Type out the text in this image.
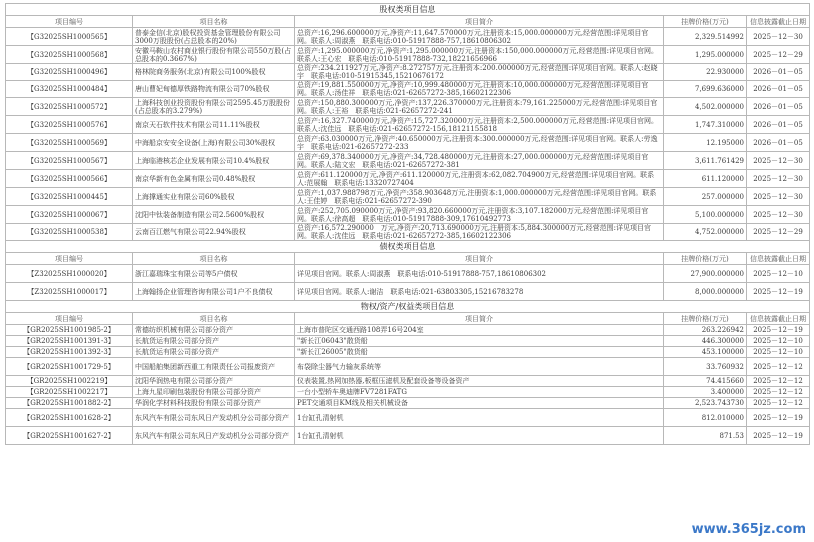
股权类项目信息				
项目编号	项目名称	项目简介	挂牌价格(万元)	信息披露截止日期
【G32025SH1000565】	普泰金信(北京)股权投资基金管理股份有限公司3000万股股份(占总股本的20%)	总资产:16,296.600000万元,净资产:11,647.570000万元,注册资本:15,000.000000万元,经营范围:详见项目官网。联系人:周淑燕　联系电话:010-51917888-757,18610806302	2,329.514992	2025－12－30
【G32025SH1000568】	安徽马鞍山农村商业银行股份有限公司550万股(占总股本的0.3667%)	总资产:1,295.000000万元,净资产:1,295.000000万元,注册资本:150,000.000000万元,经营范围:详见项目官网。联系人:王心宏　联系电话:010-51917888-732,18221656966	1,295.000000	2025－12－29
【G32025SH1000496】	格林院商务服务(北京)有限公司100%股权	总资产:234.211927万元,净资产:8.272757万元,注册资本:200.000000万元,经营范围:详见项目官网。联系人:赵晓宇　联系电话:010-51915345,15210676172	22.930000	2026－01－05
【G32025SH1000484】	唐山曹妃甸德厚铁路物流有限公司70%股权	总资产:19,881.550000万元,净资产:10,999.480000万元,注册资本:10,000.000000万元,经营范围:详见项目官网。联系人:汤佳祥　联系电话:021-62657272-385,16602122306	7,699.636000	2026－01－05
【G32025SH1000572】	上海科技创业投资股份有限公司2595.45万股股份(占总股本的3.279%)	总资产:150,880.300000万元,净资产:137,226.370000万元,注册资本:79,161.225000万元,经营范围:详见项目官网。联系人:王裕　联系电话:021-62657272-241	4,502.000000	2026－01－05
【G32025SH1000576】	南京天石软件技术有限公司11.11%股权	总资产:16,327.740000万元,净资产:15,727.320000万元,注册资本:2,500.000000万元,经营范围:详见项目官网。联系人:沈佳远　联系电话:021-62657272-156,18121155818	1,747.310000	2026－01－05
【G32025SH1000569】	中海船京安安全设备(上海)有限公司30%股权	总资产:63.030000万元,净资产:40.650000万元,注册资本:300.000000万元,经营范围:详见项目官网。联系人:劳逸宇　联系电话:021-62657272-233	12.195000	2026－01－05
【G32025SH1000567】	上海临港核芯企业发展有限公司10.4%股权	总资产:69,378.340000万元,净资产:34,728.480000万元,注册资本:27,000.000000万元,经营范围:详见项目官网。联系人:陆文宏　联系电话:021-62657272-381	3,611.761429	2025－12－30
【G32025SH1000566】	南京华新有色金属有限公司0.48%股权	总资产:611.120000万元,净资产:611.120000万元,注册资本:62,082.704900万元,经营范围:详见项目官网。联系人:范展翰　联系电话:13320727404	611.120000	2025－12－30
【G32025SH1000445】	上海撑通实业有限公司60%股权	总资产:1,037.988798万元,净资产:358.903648万元,注册资本:1,000.000000万元,经营范围:详见项目官网。联系人:王佳婷　联系电话:021-62657272-390	257.000000	2025－12－30
【G32025SH1000067】	沈阳中钛装备制造有限公司2.5600%股权	总资产:252,705.090000万元,净资产:93,820.660000万元,注册资本:3,107.182000万元,经营范围:详见项目官网。联系人:徐高超　联系电话:010-51917888-309,17610492773	5,100.000000	2025－12－30
【G32025SH1000538】	云南百江燃气有限公司22.94%股权	总资产:16,572.290000　万元,净资产:20,713.690000万元,注册资本:5,884.300000万元,经营范围:详见项目官网。联系人:沈佳远　联系电话:021-62657272-385,16602122306	4,752.000000	2025－12－29
债权类项目信息				
项目编号	项目名称	项目简介	挂牌价格(万元)	信息披露截止日期
【Z32025SH1000020】	浙江嘉瑞珠宝有限公司等5户债权	详见项目官网。联系人:周淑燕　联系电话:010-51917888-757,18610806302	27,900.000000	2025－12－10
【Z32025SH1000017】	上海翰扬企业管理咨询有限公司1户不良债权	详见项目官网。联系人:谢洁　联系电话:021-63803305,15216783278	8,000.000000	2025－12－19
物权/资产/权益类项目信息				
项目编号	项目名称	项目简介	挂牌价格(万元)	信息披露截止日期
【GR2025SH1001985-2】	常德纺织机械有限公司部分资产	上海市普陀区交通西路108弄16号204室	263.226942	2025－12－19
【GR2025SH1001391-3】	长航货运有限公司部分资产	"新长江06043"散货船	446.300000	2025－12－10
【GR2025SH1001392-3】	长航货运有限公司部分资产	"新长江26005"散货船	453.100000	2025－12－10
【GR2025SH1001729-5】	中国船舶集团新西重工有限责任公司报废资产	布袋除尘器气力输灰系统等	33.760932	2025－12－12
【GR2025SH1002219】	沈阳华润热电有限公司部分资产	仪表装置,热网加热器,板框压滤机及配套设备等设备资产	74.415660	2025－12－12
【GR2025SH1002217】	上海九星印刷包装股份有限公司部分资产	一台小型轿车奥迪牌FV7281FATG	3.400000	2025－12－12
【GR2025SH1001882-2】	华润化学材料科技股份有限公司部分资产	PET交通项目KM线及相关机械设备	2,523.743730	2025－12－12
【GR2025SH1001628-2】	东风汽车有限公司东风日产发动机分公司部分资产	1台缸孔清射机	812.010000	2025－12－19
【GR2025SH1001627-2】	东风汽车有限公司东风日产发动机分公司部分资产	1台缸孔清射机	871.53	2025－12－19
www.365jz.com
